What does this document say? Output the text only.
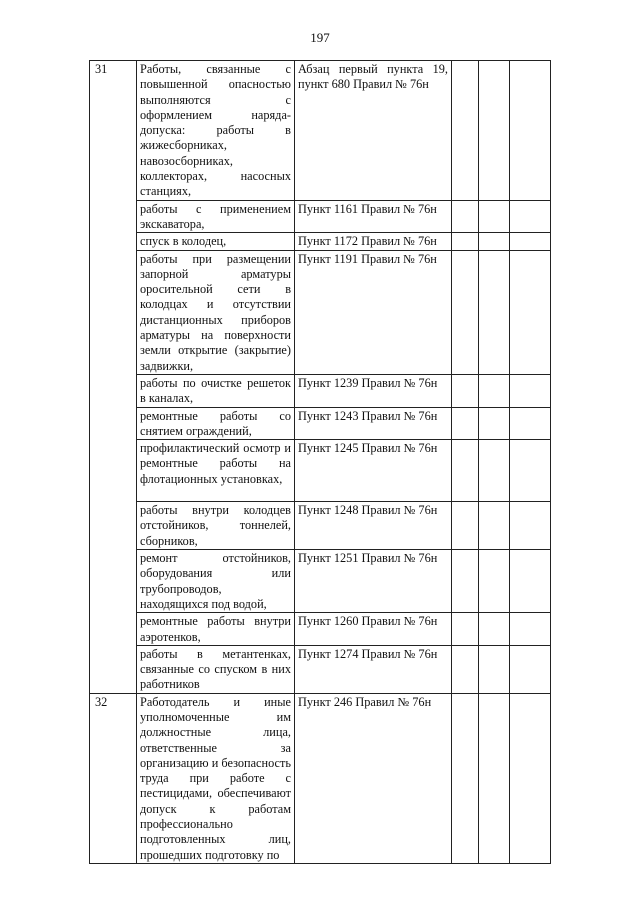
197
31	Работы, связанные с повышенной опасностью выполняются с оформлением наряда-допуска: работы в жижесборниках, навозосборниках, коллекторах, насосных станциях,	Абзац первый пункта 19, пункт 680 Правил № 76н			
	работы с применением экскаватора,	Пункт 1161 Правил № 76н			
	спуск в колодец,	Пункт 1172 Правил № 76н			
	работы при размещении запорной арматуры оросительной сети в колодцах и отсутствии дистанционных приборов арматуры на поверхности земли открытие (закрытие) задвижки,	Пункт 1191 Правил № 76н			
	работы по очистке решеток в каналах,	Пункт 1239 Правил № 76н			
	ремонтные работы со снятием ограждений,	Пункт 1243 Правил № 76н			
	профилактический осмотр и ремонтные работы на флотационных установках,	Пункт 1245 Правил № 76н			
	работы внутри колодцев отстойников, тоннелей, сборников,	Пункт 1248 Правил № 76н			
	ремонт отстойников, оборудования или трубопроводов, находящихся под водой,	Пункт 1251 Правил № 76н			
	ремонтные работы внутри аэротенков,	Пункт 1260 Правил № 76н			
	работы в метантенках, связанные со спуском в них работников	Пункт 1274 Правил № 76н			
32	Работодатель и иные уполномоченные им должностные лица, ответственные за организацию и безопасность труда при работе с пестицидами, обеспечивают допуск к работам профессионально подготовленных лиц, прошедших подготовку по	Пункт 246 Правил № 76н			
